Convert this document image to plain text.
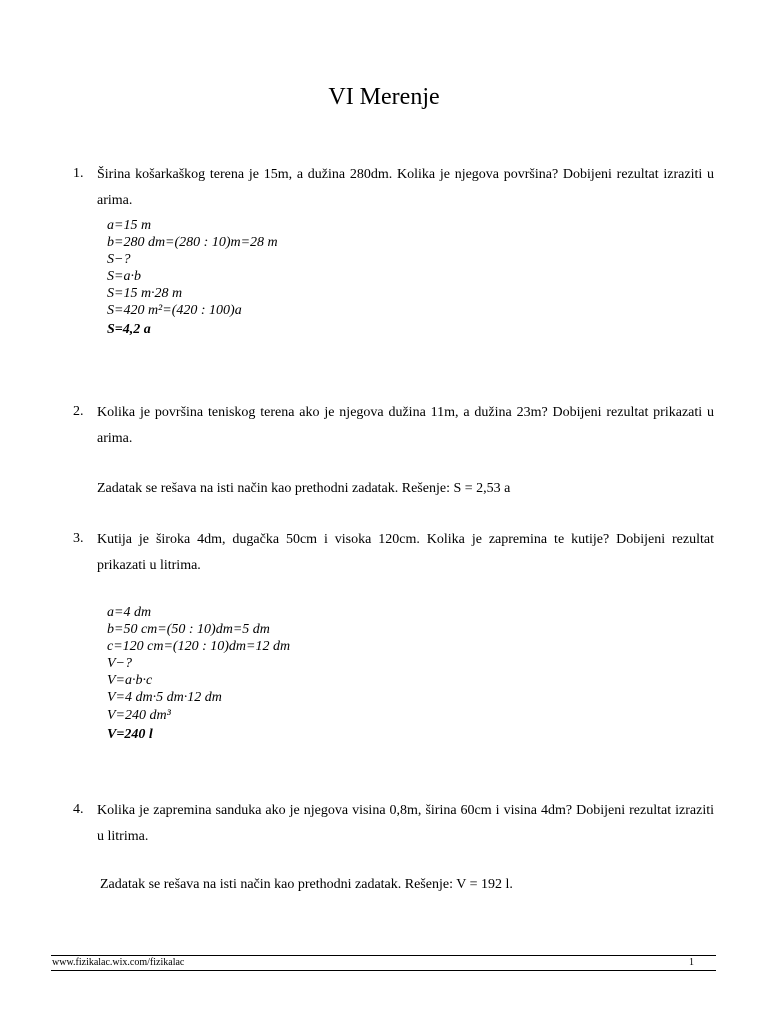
VI Merenje
1. Širina košarkaškog terena je 15m, a dužina 280dm. Kolika je njegova površina? Dobijeni rezultat izraziti u arima.
a=15 m
b=280 dm=(280 : 10)m=28 m
S−?
S=a·b
S=15 m·28 m
S=420 m²=(420 : 100)a
S=4,2 a
2. Kolika je površina teniskog terena ako je njegova dužina 11m, a dužina 23m? Dobijeni rezultat prikazati u arima.
Zadatak se rešava na isti način kao prethodni zadatak. Rešenje: S = 2,53 a
3. Kutija je široka 4dm, dugačka 50cm i visoka 120cm. Kolika je zapremina te kutije? Dobijeni rezultat prikazati u litrima.
a=4 dm
b=50 cm=(50 : 10)dm=5 dm
c=120 cm=(120 : 10)dm=12 dm
V−?
V=a·b·c
V=4 dm·5 dm·12 dm
V=240 dm³
V=240 l
4. Kolika je zapremina sanduka ako je njegova visina 0,8m, širina 60cm i visina 4dm? Dobijeni rezultat izraziti u litrima.
Zadatak se rešava na isti način kao prethodni zadatak. Rešenje: V = 192 l.
www.fizikalac.wix.com/fizikalac	1
